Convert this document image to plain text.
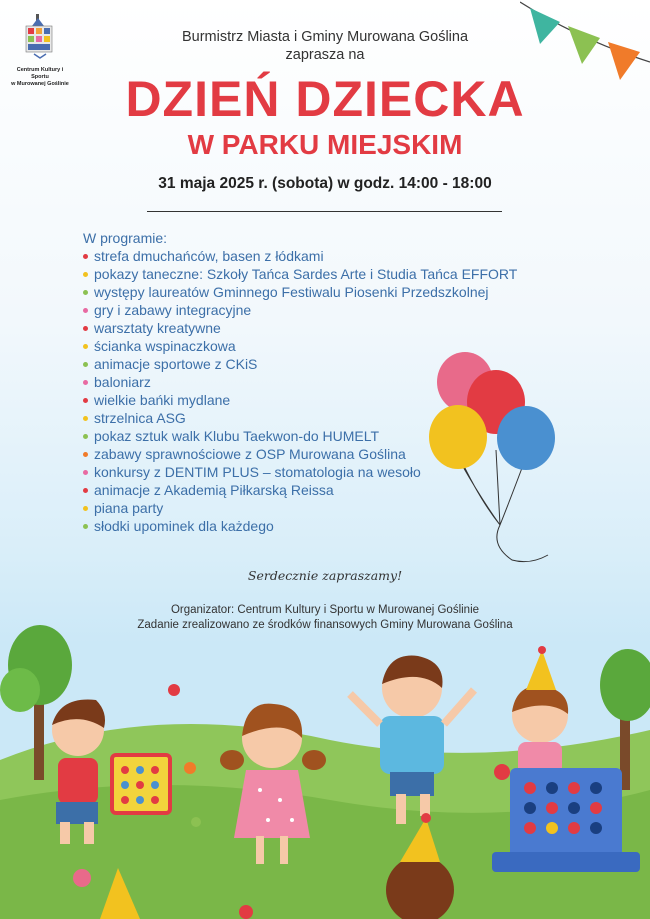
Centrum Kultury i Sportu
w Murowanej Goślinie
Burmistrz Miasta i Gminy Murowana Goślina
zaprasza na
DZIEŃ DZIECKA
W PARKU MIEJSKIM
31 maja 2025 r. (sobota) w godz. 14:00 - 18:00
W programie:
strefa dmuchańców, basen z łódkami
pokazy taneczne: Szkoły Tańca Sardes Arte i Studia Tańca EFFORT
występy laureatów Gminnego Festiwalu Piosenki Przedszkolnej
gry i zabawy integracyjne
warsztaty kreatywne
ścianka wspinaczkowa
animacje sportowe z CKiS
baloniarz
wielkie bańki mydlane
strzelnica ASG
pokaz sztuk walk Klubu Taekwon-do HUMELT
zabawy sprawnościowe z OSP Murowana Goślina
konkursy z DENTIM PLUS – stomatologia na wesoło
animacje z Akademią Piłkarską Reissa
piana party
słodki upominek dla każdego
Serdecznie zapraszamy!
Organizator: Centrum Kultury i Sportu w Murowanej Goślinie
Zadanie zrealizowano ze środków finansowych Gminy Murowana Goślina
